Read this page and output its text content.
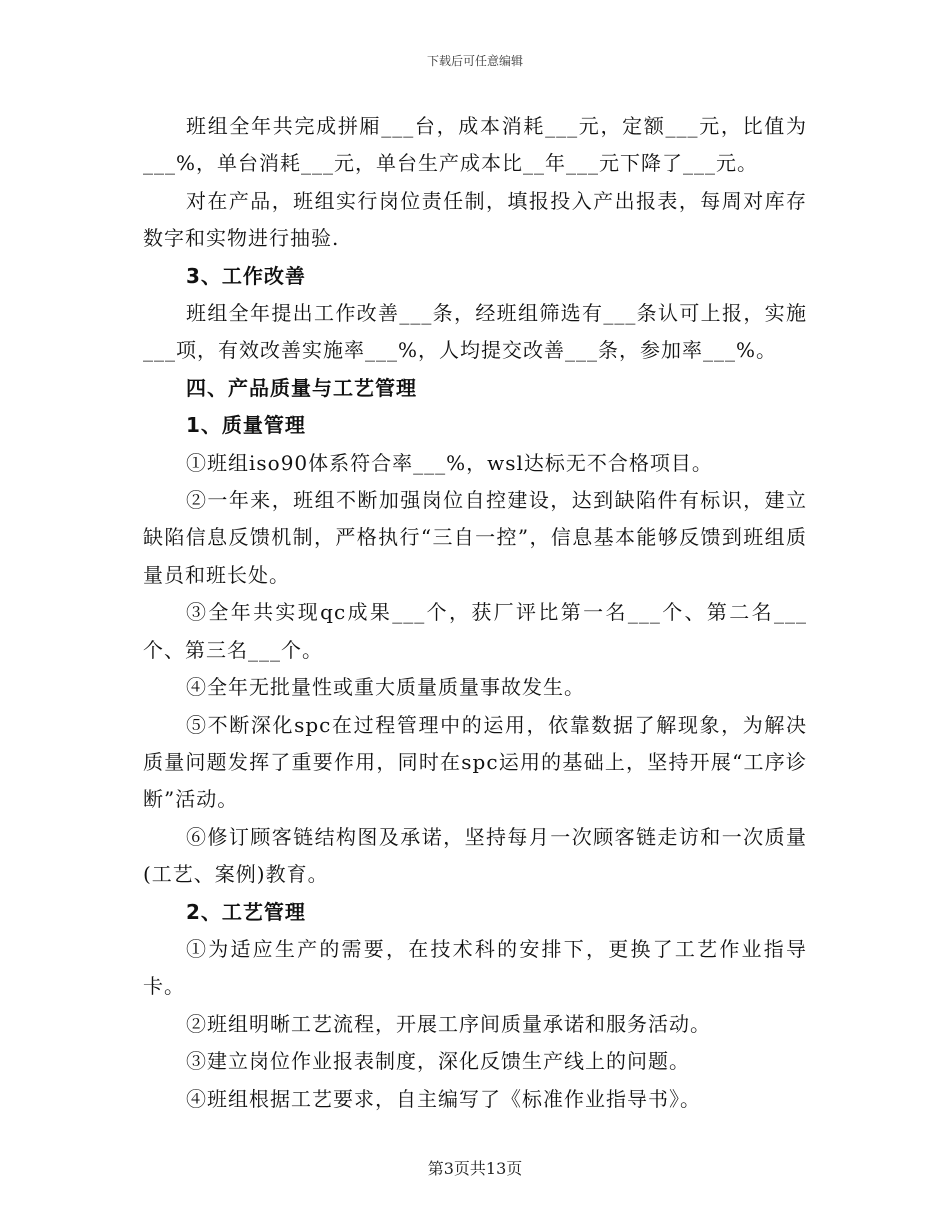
下载后可任意编辑

班组全年共完成拼厢___台，成本消耗___元，定额___元，比值为___%，单台消耗___元，单台生产成本比__年___元下降了___元。

对在产品，班组实行岗位责任制，填报投入产出报表，每周对库存数字和实物进行抽验.

3、工作改善

班组全年提出工作改善___条，经班组筛选有___条认可上报，实施___项，有效改善实施率___%，人均提交改善___条，参加率___%。

四、产品质量与工艺管理

1、质量管理

①班组iso90体系符合率___%，wsl达标无不合格项目。

②一年来，班组不断加强岗位自控建设，达到缺陷件有标识，建立缺陷信息反馈机制，严格执行“三自一控”，信息基本能够反馈到班组质量员和班长处。

③全年共实现qc成果___个，获厂评比第一名___个、第二名___个、第三名___个。

④全年无批量性或重大质量质量事故发生。

⑤不断深化spc在过程管理中的运用，依靠数据了解现象，为解决质量问题发挥了重要作用，同时在spc运用的基础上，坚持开展“工序诊断”活动。

⑥修订顾客链结构图及承诺，坚持每月一次顾客链走访和一次质量(工艺、案例)教育。

2、工艺管理

①为适应生产的需要，在技术科的安排下，更换了工艺作业指导卡。

②班组明晰工艺流程，开展工序间质量承诺和服务活动。

③建立岗位作业报表制度，深化反馈生产线上的问题。

④班组根据工艺要求，自主编写了《标准作业指导书》。

第3页共13页
